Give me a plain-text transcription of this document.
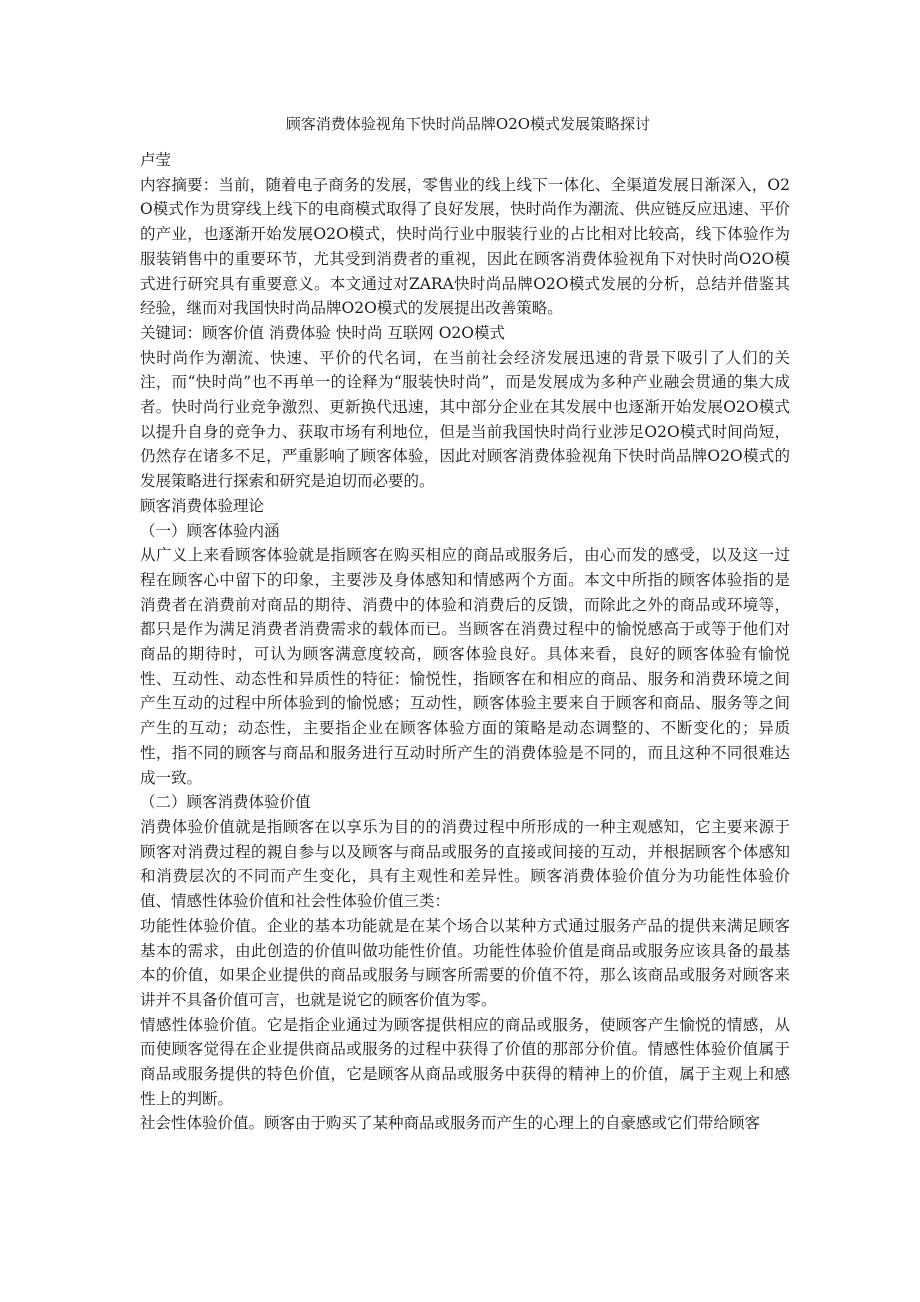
顾客消费体验视角下快时尚品牌O2O模式发展策略探讨

卢莹

内容摘要：当前，随着电子商务的发展，零售业的线上线下一体化、全渠道发展日渐深入，O2O模式作为贯穿线上线下的电商模式取得了良好发展，快时尚作为潮流、供应链反应迅速、平价的产业，也逐渐开始发展O2O模式，快时尚行业中服装行业的占比相对比较高，线下体验作为服装销售中的重要环节，尤其受到消费者的重视，因此在顾客消费体验视角下对快时尚O2O模式进行研究具有重要意义。本文通过对ZARA快时尚品牌O2O模式发展的分析，总结并借鉴其经验，继而对我国快时尚品牌O2O模式的发展提出改善策略。

关键词：顾客价值 消费体验 快时尚 互联网 O2O模式

快时尚作为潮流、快速、平价的代名词，在当前社会经济发展迅速的背景下吸引了人们的关注，而“快时尚”也不再单一的诠释为“服装快时尚”，而是发展成为多种产业融会贯通的集大成者。快时尚行业竞争激烈、更新换代迅速，其中部分企业在其发展中也逐渐开始发展O2O模式以提升自身的竞争力、获取市场有利地位，但是当前我国快时尚行业涉足O2O模式时间尚短，仍然存在诸多不足，严重影响了顾客体验，因此对顾客消费体验视角下快时尚品牌O2O模式的发展策略进行探索和研究是迫切而必要的。

顾客消费体验理论

（一）顾客体验内涵

从广义上来看顾客体验就是指顾客在购买相应的商品或服务后，由心而发的感受，以及这一过程在顾客心中留下的印象，主要涉及身体感知和情感两个方面。本文中所指的顾客体验指的是消费者在消费前对商品的期待、消费中的体验和消费后的反馈，而除此之外的商品或环境等，都只是作为满足消费者消费需求的载体而已。当顾客在消费过程中的愉悦感高于或等于他们对商品的期待时，可认为顾客满意度较高，顾客体验良好。具体来看，良好的顾客体验有愉悦性、互动性、动态性和异质性的特征：愉悦性，指顾客在和相应的商品、服务和消费环境之间产生互动的过程中所体验到的愉悦感；互动性，顾客体验主要来自于顾客和商品、服务等之间产生的互动；动态性，主要指企业在顾客体验方面的策略是动态调整的、不断变化的；异质性，指不同的顾客与商品和服务进行互动时所产生的消费体验是不同的，而且这种不同很难达成一致。

（二）顾客消费体验价值

消费体验价值就是指顾客在以享乐为目的的消费过程中所形成的一种主观感知，它主要来源于顾客对消费过程的親自参与以及顾客与商品或服务的直接或间接的互动，并根据顾客个体感知和消费层次的不同而产生变化，具有主观性和差异性。顾客消费体验价值分为功能性体验价值、情感性体验价值和社会性体验价值三类：

功能性体验价值。企业的基本功能就是在某个场合以某种方式通过服务产品的提供来满足顾客基本的需求，由此创造的价值叫做功能性价值。功能性体验价值是商品或服务应该具备的最基本的价值，如果企业提供的商品或服务与顾客所需要的价值不符，那么该商品或服务对顾客来讲并不具备价值可言，也就是说它的顾客价值为零。

情感性体验价值。它是指企业通过为顾客提供相应的商品或服务，使顾客产生愉悦的情感，从而使顾客觉得在企业提供商品或服务的过程中获得了价值的那部分价值。情感性体验价值属于商品或服务提供的特色价值，它是顾客从商品或服务中获得的精神上的价值，属于主观上和感性上的判断。

社会性体验价值。顾客由于购买了某种商品或服务而产生的心理上的自豪感或它们带给顾客
